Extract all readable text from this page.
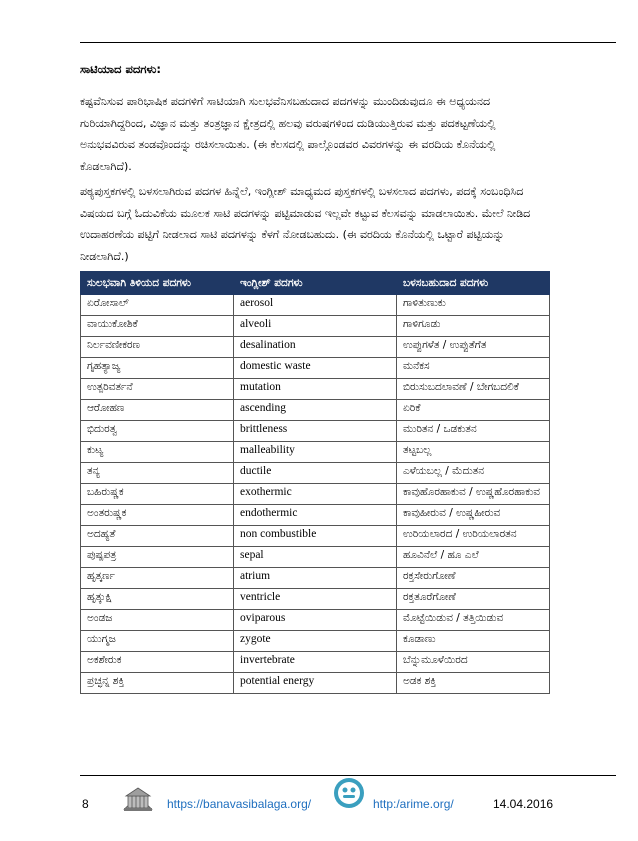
ಸಾಟಿಯಾದ ಪದಗಳು:

ಕಷ್ಟವೆನಿಸುವ ಪಾರಿಭಾಷಿಕ ಪದಗಳಿಗೆ ಸಾಟಿಯಾಗಿ ಸುಲಭವೆನಿಸಬಹುದಾದ ಪದಗಳನ್ನು ಮುಂದಿಡುವುದೂ ಈ ಅಧ್ಯಯನದ ಗುರಿಯಾಗಿದ್ದರಿಂದ, ವಿಜ್ಞಾನ ಮತ್ತು ತಂತ್ರಜ್ಞಾನ ಕ್ಷೇತ್ರದಲ್ಲಿ ಹಲವು ವರುಷಗಳಿಂದ ದುಡಿಯುತ್ತಿರುವ ಮತ್ತು ಪದಕಟ್ಟಣೆಯಲ್ಲಿ ಅನುಭವವಿರುವ ತಂಡವೊಂದನ್ನು ರಚಿಸಲಾಯಿತು. (ಈ ಕೆಲಸದಲ್ಲಿ ಪಾಲ್ಗೊಂಡವರ ವಿವರಗಳನ್ನು ಈ ವರದಿಯ ಕೊನೆಯಲ್ಲಿ ಕೊಡಲಾಗಿದೆ).

ಪಠ್ಯಪುಸ್ತಕಗಳಲ್ಲಿ ಬಳಸಲಾಗಿರುವ ಪದಗಳ ಹಿನ್ನೆಲೆ, ಇಂಗ್ಲೀಶ್ ಮಾಧ್ಯಮದ ಪುಸ್ತಕಗಳಲ್ಲಿ ಬಳಸಲಾದ ಪದಗಳು, ಪದಕ್ಕೆ ಸಂಬಂಧಿಸಿದ ವಿಷಯದ ಬಗ್ಗೆ ಓದುವಿಕೆಯ ಮೂಲಕ ಸಾಟಿ ಪದಗಳನ್ನು ಪಟ್ಟಿಮಾಡುವ ಇಲ್ಲವೇ ಕಟ್ಟುವ ಕೆಲಸವನ್ನು ಮಾಡಲಾಯಿತು. ಮೇಲೆ ನೀಡಿದ ಉದಾಹರಣೆಯ ಪಟ್ಟಿಗೆ ನೀಡಲಾದ ಸಾಟಿ ಪದಗಳನ್ನು ಕೆಳಗೆ ನೋಡಬಹುದು. (ಈ ವರದಿಯ ಕೊನೆಯಲ್ಲಿ ಒಟ್ಟಾರೆ ಪಟ್ಟಿಯನ್ನು ನೀಡಲಾಗಿದೆ.)

ಸುಲಭವಾಗಿ ತಿಳಿಯದ ಪದಗಳು	ಇಂಗ್ಲೀಶ್ ಪದಗಳು	ಬಳಸಬಹುದಾದ ಪದಗಳು
ಏರೋಸಾಲ್	aerosol	ಗಾಳಿತುಣುಕು
ವಾಯುಕೋಶಿಕೆ	alveoli	ಗಾಳಿಗೂಡು
ನಿರ್ಲವಣೀಕರಣ	desalination	ಉಪ್ಪುಗಳೆತ / ಉಪ್ಪುತೆಗೆತ
ಗೃಹತ್ಯಾಜ್ಯ	domestic waste	ಮನೆಕಸ
ಉತ್ಪರಿವರ್ತನೆ	mutation	ಬಿರುಸುಬದಲಾವಣೆ / ಬೇಗಬದಲಿಕೆ
ಆರೋಹಣ	ascending	ಏರಿಕೆ
ಭಿದುರತ್ವ	brittleness	ಮುರಿತನ / ಒಡಕುತನ
ಕುಟ್ಯ	malleability	ತಟ್ಟಬಲ್ಲ
ತನ್ಯ	ductile	ಎಳೆಯಬಲ್ಲ / ಮೆದುತನ
ಬಹಿರುಷ್ಣಕ	exothermic	ಕಾವುಹೊರಹಾಕುವ / ಉಷ್ಣಹೊರಹಾಕುವ
ಅಂತರುಷ್ಣಕ	endothermic	ಕಾವುಹೀರುವ / ಉಷ್ಣಹೀರುವ
ಅದಹ್ಯತೆ	non combustible	ಉರಿಯಲಾರದ / ಉರಿಯಲಾರತನ
ಪುಷ್ಪಪತ್ರ	sepal	ಹೂವಿನೆಲೆ / ಹೂ ಎಲೆ
ಹೃತ್ಕರ್ಣ	atrium	ರಕ್ತಸೇರುಗೋಣೆ
ಹೃತ್ಕುಕ್ಷಿ	ventricle	ರಕ್ತತೂರೆಗೋಣೆ
ಅಂಡಜ	oviparous	ಮೊಟ್ಟೆಯಿಡುವ / ತತ್ತಿಯಿಡುವ
ಯುಗ್ಮಜ	zygote	ಕೂಡಾಣು
ಅಕಶೇರುಕ	invertebrate	ಬೆನ್ನುಮೂಳೆಯಿರದ
ಪ್ರಚ್ಛನ್ನ ಶಕ್ತಿ	potential energy	ಅಡಕ ಶಕ್ತಿ
8	https://banavasibalaga.org/	http:/arime.org/	14.04.2016
